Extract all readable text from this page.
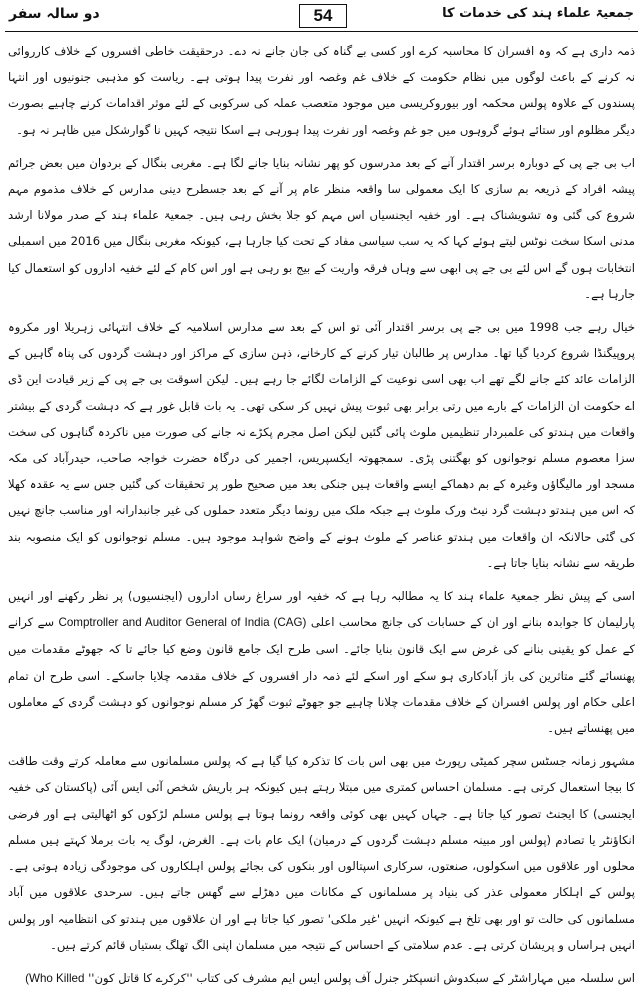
دو سالہ سفر	54	جمعیۃ علماء ہند کی خدمات کا

ذمہ داری ہے کہ وہ افسران کا محاسبہ کرے اور کسی بے گناہ کی جان جانے نہ دے۔ درحقیقت خاطی افسروں کے خلاف کارروائی نہ کرنے کے باعث لوگوں میں نظام حکومت کے خلاف غم وغصہ اور نفرت پیدا ہوتی ہے۔ ریاست کو مذہبی جنونیوں اور انتہا پسندوں کے علاوہ پولس محکمہ اور بیوروکریسی میں موجود متعصب عملہ کی سرکوبی کے لئے موثر اقدامات کرنے چاہیے بصورت دیگر مظلوم اور ستائے ہوئے گروہوں میں جو غم وغصہ اور نفرت پیدا ہورہی ہے اسکا نتیجہ کہیں نا گوارشکل میں ظاہر نہ ہو۔

اب بی جے پی کے دوبارہ برسر اقتدار آنے کے بعد مدرسوں کو پھر نشانہ بنایا جانے لگا ہے۔ مغربی بنگال کے بردوان میں بعض جرائم پیشہ افراد کے ذریعہ بم سازی کا ایک معمولی سا واقعہ منظر عام پر آنے کے بعد جسطرح دینی مدارس کے خلاف مذموم مہم شروع کی گئی وہ تشویشناک ہے۔ اور خفیہ ایجنسیاں اس مہم کو جلا بخش رہی ہیں۔ جمعیۃ علماء ہند کے صدر مولانا ارشد مدنی اسکا سخت نوٹس لیتے ہوئے کہا کہ یہ سب سیاسی مفاد کے تحت کیا جارہا ہے، کیونکہ مغربی بنگال میں 2016 میں اسمبلی انتخابات ہوں گے اس لئے بی جے پی ابھی سے وہاں فرقہ واریت کے بیج بو رہی ہے اور اس کام کے لئے خفیہ اداروں کو استعمال کیا جارہا ہے۔

خیال رہے جب 1998 میں بی جے پی برسر اقتدار آئی تو اس کے بعد سے مدارس اسلامیہ کے خلاف انتہائی زہریلا اور مکروہ پروپیگنڈا شروع کردیا گیا تھا۔ مدارس پر طالبان تیار کرنے کے کارخانے، ذہن سازی کے مراکز اور دہشت گردوں کی پناہ گاہیں کے الزامات عائد کئے جانے لگے تھے اب بھی اسی نوعیت کے الزامات لگائے جا رہے ہیں۔ لیکن اسوقت بی جے پی کے زیر قیادت این ڈی اے حکومت ان الزامات کے بارے میں رتی برابر بھی ثبوت پیش نہیں کر سکی تھی۔ یہ بات قابل غور ہے کہ دہشت گردی کے بیشتر واقعات میں ہندتو کی علمبردار تنظیمیں ملوث پائی گئیں لیکن اصل مجرم پکڑے نہ جانے کی صورت میں ناکردہ گناہوں کی سخت سزا معصوم مسلم نوجوانوں کو بھگتنی پڑی۔ سمجھوتہ ایکسپریس، اجمیر کی درگاہ حضرت خواجہ صاحب، حیدرآباد کی مکہ مسجد اور مالیگاؤں وغیرہ کے بم دھماکے ایسے واقعات ہیں جنکی بعد میں صحیح طور پر تحقیقات کی گئیں جس سے یہ عقدہ کھلا کہ اس میں ہندتو دہشت گرد نیٹ ورک ملوث ہے جبکہ ملک میں رونما دیگر متعدد حملوں کی غیر جانبدارانہ اور مناسب جانچ نہیں کی گئی حالانکہ ان واقعات میں ہندتو عناصر کے ملوث ہونے کے واضح شواہد موجود ہیں۔ مسلم نوجوانوں کو ایک منصوبہ بند طریقہ سے نشانہ بنایا جاتا ہے۔

اسی کے پیش نظر جمعیۃ علماء ہند کا یہ مطالبہ رہا ہے کہ خفیہ اور سراغ رساں اداروں (ایجنسیوں) پر نظر رکھنے اور انہیں پارلیمان کا جوابدہ بنانے اور ان کے حسابات کی جانچ محاسب اعلی Comptroller and Auditor General of India (CAG) سے کرانے کے عمل کو یقینی بنانے کی غرض سے ایک قانون بنایا جائے۔ اسی طرح ایک جامع قانون وضع کیا جائے تا کہ جھوٹے مقدمات میں پھنسائے گئے متاثرین کی باز آبادکاری ہو سکے اور اسکے لئے ذمہ دار افسروں کے خلاف مقدمہ چلایا جاسکے۔ اسی طرح ان تمام اعلی حکام اور پولس افسران کے خلاف مقدمات چلانا چاہیے جو جھوٹے ثبوت گھڑ کر مسلم نوجوانوں کو دہشت گردی کے معاملوں میں پھنساتے ہیں۔

مشہور زمانہ جسٹس سچر کمیٹی رپورٹ میں بھی اس بات کا تذکرہ کیا گیا ہے کہ پولس مسلمانوں سے معاملہ کرتے وقت طاقت کا بیجا استعمال کرتی ہے۔ مسلمان احساس کمتری میں مبتلا رہتے ہیں کیونکہ ہر باریش شخص آئی ایس آئی (پاکستان کی خفیہ ایجنسی) کا ایجنٹ تصور کیا جاتا ہے۔ جہاں کہیں بھی کوئی واقعہ رونما ہوتا ہے پولس مسلم لڑکوں کو اٹھالیتی ہے اور فرضی انکاؤنٹر یا تصادم (پولس اور مبینہ مسلم دہشت گردوں کے درمیان) ایک عام بات ہے۔ الغرض، لوگ یہ بات برملا کہتے ہیں مسلم محلوں اور علاقوں میں اسکولوں، صنعتوں، سرکاری اسپتالوں اور بنکوں کی بجائے پولس اہلکاروں کی موجودگی زیادہ ہوتی ہے۔ پولس کے اہلکار معمولی عذر کی بنیاد پر مسلمانوں کے مکانات میں دھڑلے سے گھس جاتے ہیں۔ سرحدی علاقوں میں آباد مسلمانوں کی حالت تو اور بھی تلخ ہے کیونکہ انہیں 'غیر ملکی' تصور کیا جاتا ہے اور ان علاقوں میں ہندتو کی انتظامیہ اور پولس انہیں ہراساں و پریشان کرتی ہے۔ عدم سلامتی کے احساس کے نتیجہ میں مسلمان اپنی الگ تھلگ بستیاں قائم کرتے ہیں۔

اس سلسلہ میں مہاراشٹر کے سبکدوش انسپکٹر جنرل آف پولس ایس ایم مشرف کی کتاب ''کرکرے کا قاتل کون'' (Who Killed
